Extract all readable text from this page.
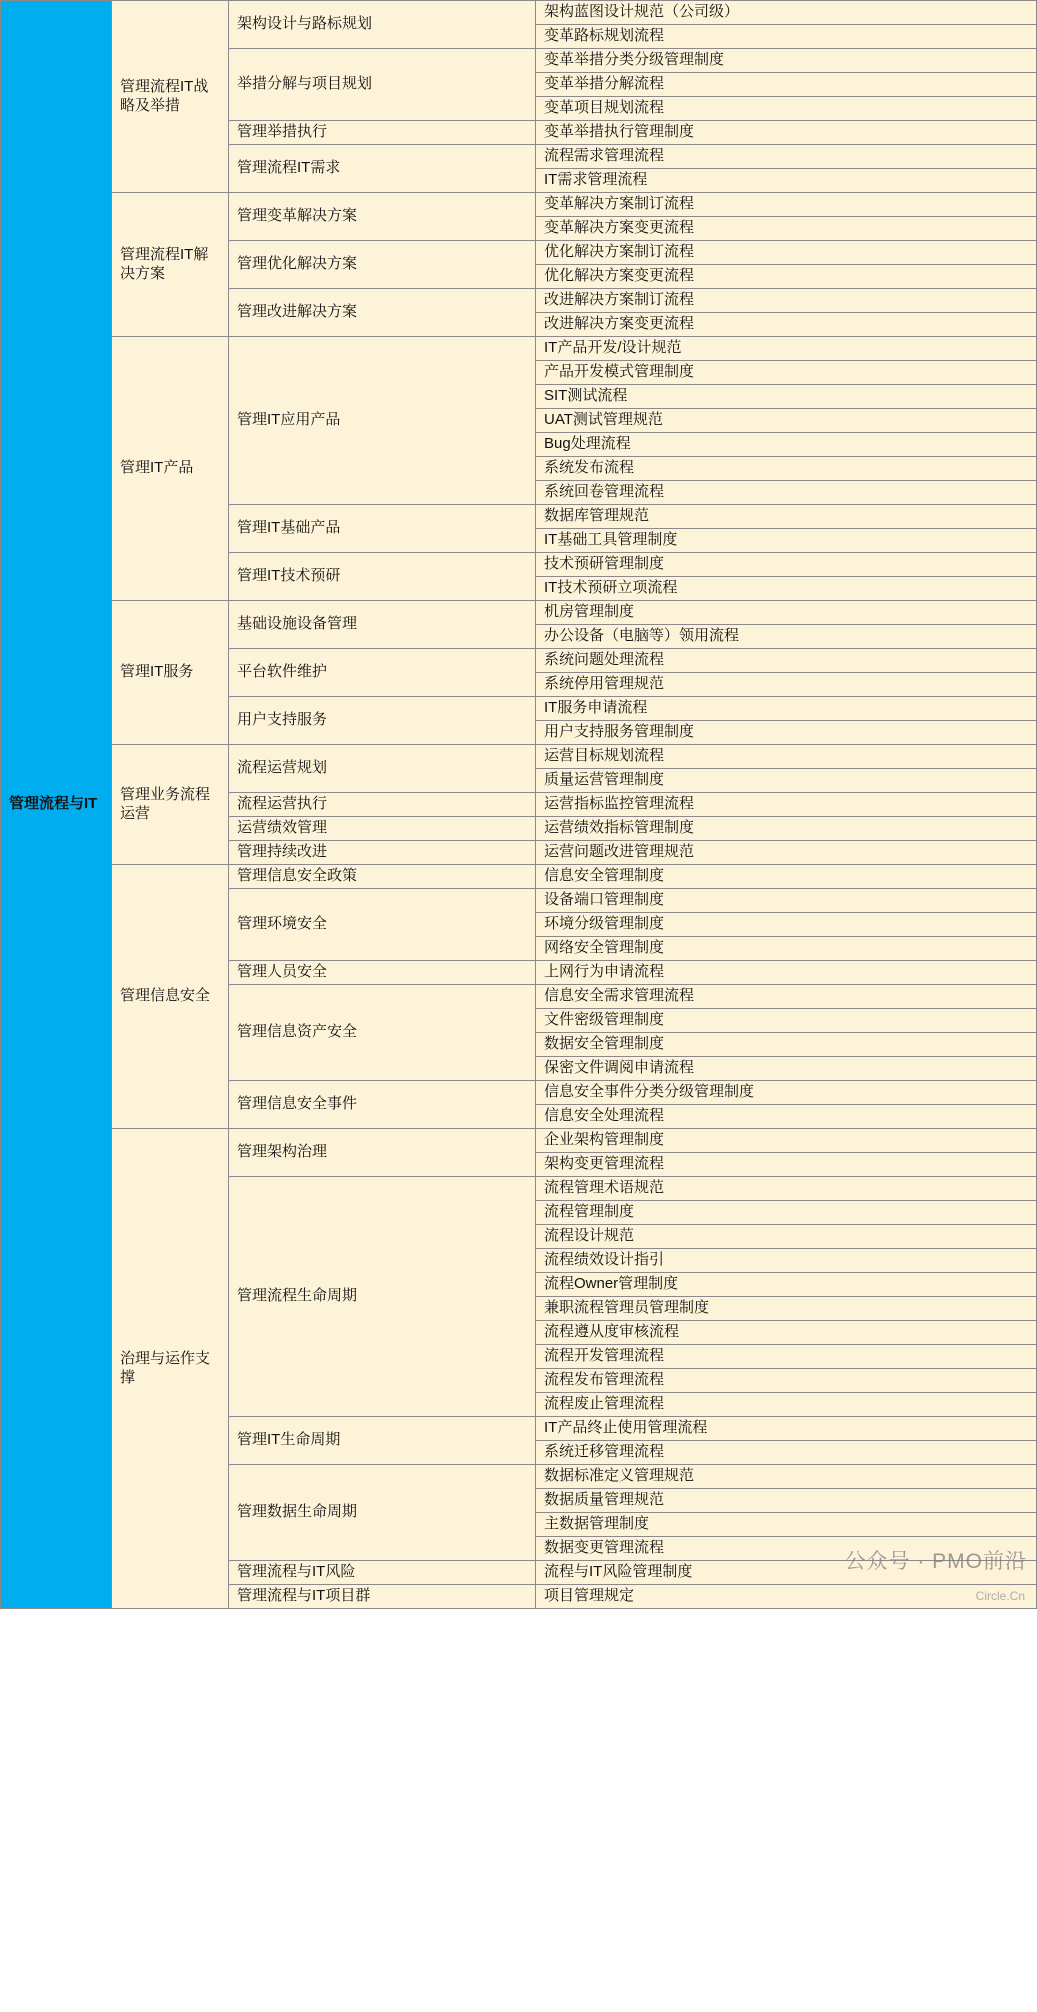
管理流程与IT	管理流程IT战略及举措	架构设计与路标规划	架构蓝图设计规范（公司级）
			变革路标规划流程
		举措分解与项目规划	变革举措分类分级管理制度
			变革举措分解流程
			变革项目规划流程
		管理举措执行	变革举措执行管理制度
		管理流程IT需求	流程需求管理流程
			IT需求管理流程
	管理流程IT解决方案	管理变革解决方案	变革解决方案制订流程
			变革解决方案变更流程
		管理优化解决方案	优化解决方案制订流程
			优化解决方案变更流程
		管理改进解决方案	改进解决方案制订流程
			改进解决方案变更流程
	管理IT产品	管理IT应用产品	IT产品开发/设计规范
			产品开发模式管理制度
			SIT测试流程
			UAT测试管理规范
			Bug处理流程
			系统发布流程
			系统回卷管理流程
		管理IT基础产品	数据库管理规范
			IT基础工具管理制度
		管理IT技术预研	技术预研管理制度
			IT技术预研立项流程
	管理IT服务	基础设施设备管理	机房管理制度
			办公设备（电脑等）领用流程
		平台软件维护	系统问题处理流程
			系统停用管理规范
		用户支持服务	IT服务申请流程
			用户支持服务管理制度
	管理业务流程运营	流程运营规划	运营目标规划流程
			质量运营管理制度
		流程运营执行	运营指标监控管理流程
		运营绩效管理	运营绩效指标管理制度
		管理持续改进	运营问题改进管理规范
	管理信息安全	管理信息安全政策	信息安全管理制度
		管理环境安全	设备端口管理制度
			环境分级管理制度
			网络安全管理制度
		管理人员安全	上网行为申请流程
		管理信息资产安全	信息安全需求管理流程
			文件密级管理制度
			数据安全管理制度
			保密文件调阅申请流程
		管理信息安全事件	信息安全事件分类分级管理制度
			信息安全处理流程
	治理与运作支撑	管理架构治理	企业架构管理制度
			架构变更管理流程
		管理流程生命周期	流程管理术语规范
			流程管理制度
			流程设计规范
			流程绩效设计指引
			流程Owner管理制度
			兼职流程管理员管理制度
			流程遵从度审核流程
			流程开发管理流程
			流程发布管理流程
			流程废止管理流程
		管理IT生命周期	IT产品终止使用管理流程
			系统迁移管理流程
		管理数据生命周期	数据标准定义管理规范
			数据质量管理规范
			主数据管理制度
			数据变更管理流程
		管理流程与IT风险	流程与IT风险管理制度
		管理流程与IT项目群	项目管理规定
公众号 · PMO前沿
Circle.Cn
